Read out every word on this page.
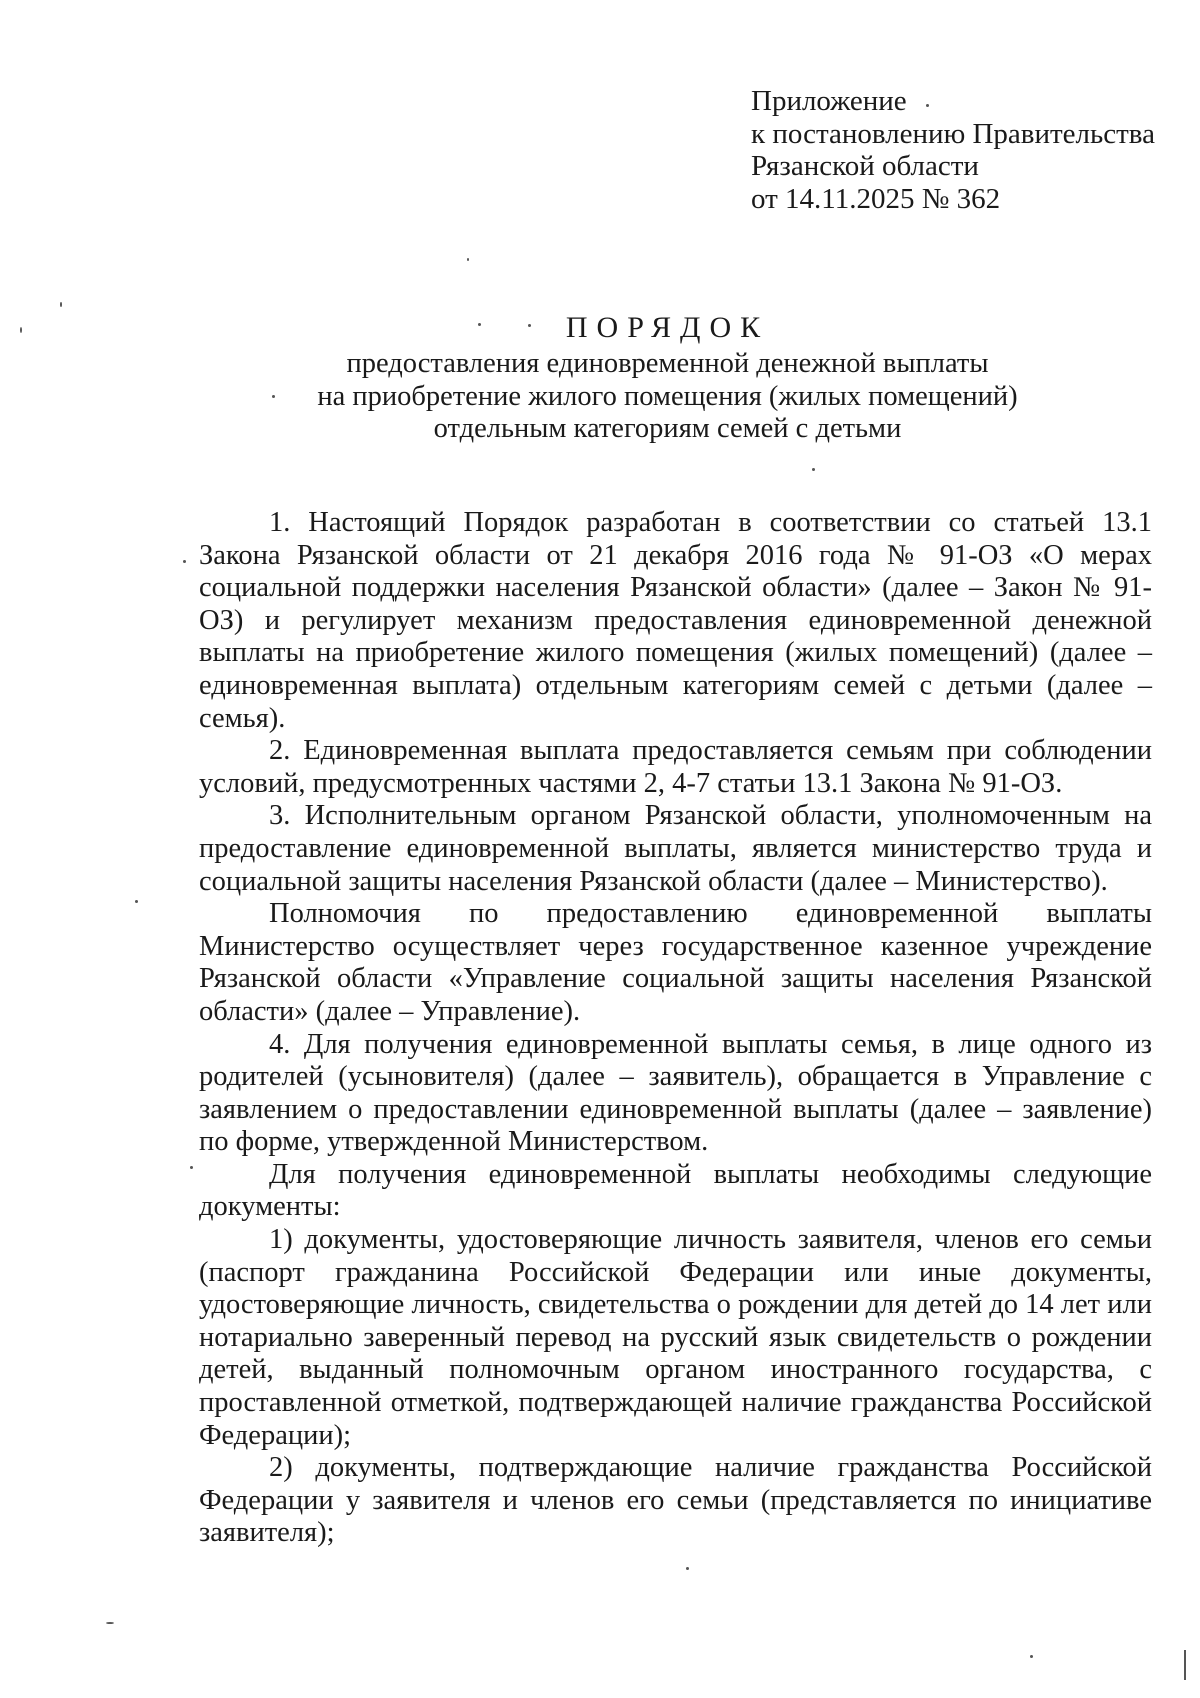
Приложение
к постановлению Правительства
Рязанской области
от 14.11.2025 № 362
ПОРЯДОК
предоставления единовременной денежной выплаты
на приобретение жилого помещения (жилых помещений)
отдельным категориям семей с детьми

1. Настоящий Порядок разработан в соответствии со статьей 13.1 Закона Рязанской области от 21 декабря 2016 года № 91-ОЗ «О мерах социальной поддержки населения Рязанской области» (далее – Закон № 91-ОЗ) и регулирует механизм предоставления единовременной денежной выплаты на приобретение жилого помещения (жилых помещений) (далее – единовременная выплата) отдельным категориям семей с детьми (далее – семья).

2. Единовременная выплата предоставляется семьям при соблюдении условий, предусмотренных частями 2, 4-7 статьи 13.1 Закона № 91-ОЗ.

3. Исполнительным органом Рязанской области, уполномоченным на предоставление единовременной выплаты, является министерство труда и социальной защиты населения Рязанской области (далее – Министерство).

Полномочия по предоставлению единовременной выплаты Министерство осуществляет через государственное казенное учреждение Рязанской области «Управление социальной защиты населения Рязанской области» (далее – Управление).

4. Для получения единовременной выплаты семья, в лице одного из родителей (усыновителя) (далее – заявитель), обращается в Управление с заявлением о предоставлении единовременной выплаты (далее – заявление) по форме, утвержденной Министерством.

Для получения единовременной выплаты необходимы следующие документы:

1) документы, удостоверяющие личность заявителя, членов его семьи (паспорт гражданина Российской Федерации или иные документы, удостоверяющие личность, свидетельства о рождении для детей до 14 лет или нотариально заверенный перевод на русский язык свидетельств о рождении детей, выданный полномочным органом иностранного государства, с проставленной отметкой, подтверждающей наличие гражданства Российской Федерации);

2) документы, подтверждающие наличие гражданства Российской Федерации у заявителя и членов его семьи (представляется по инициативе заявителя);
